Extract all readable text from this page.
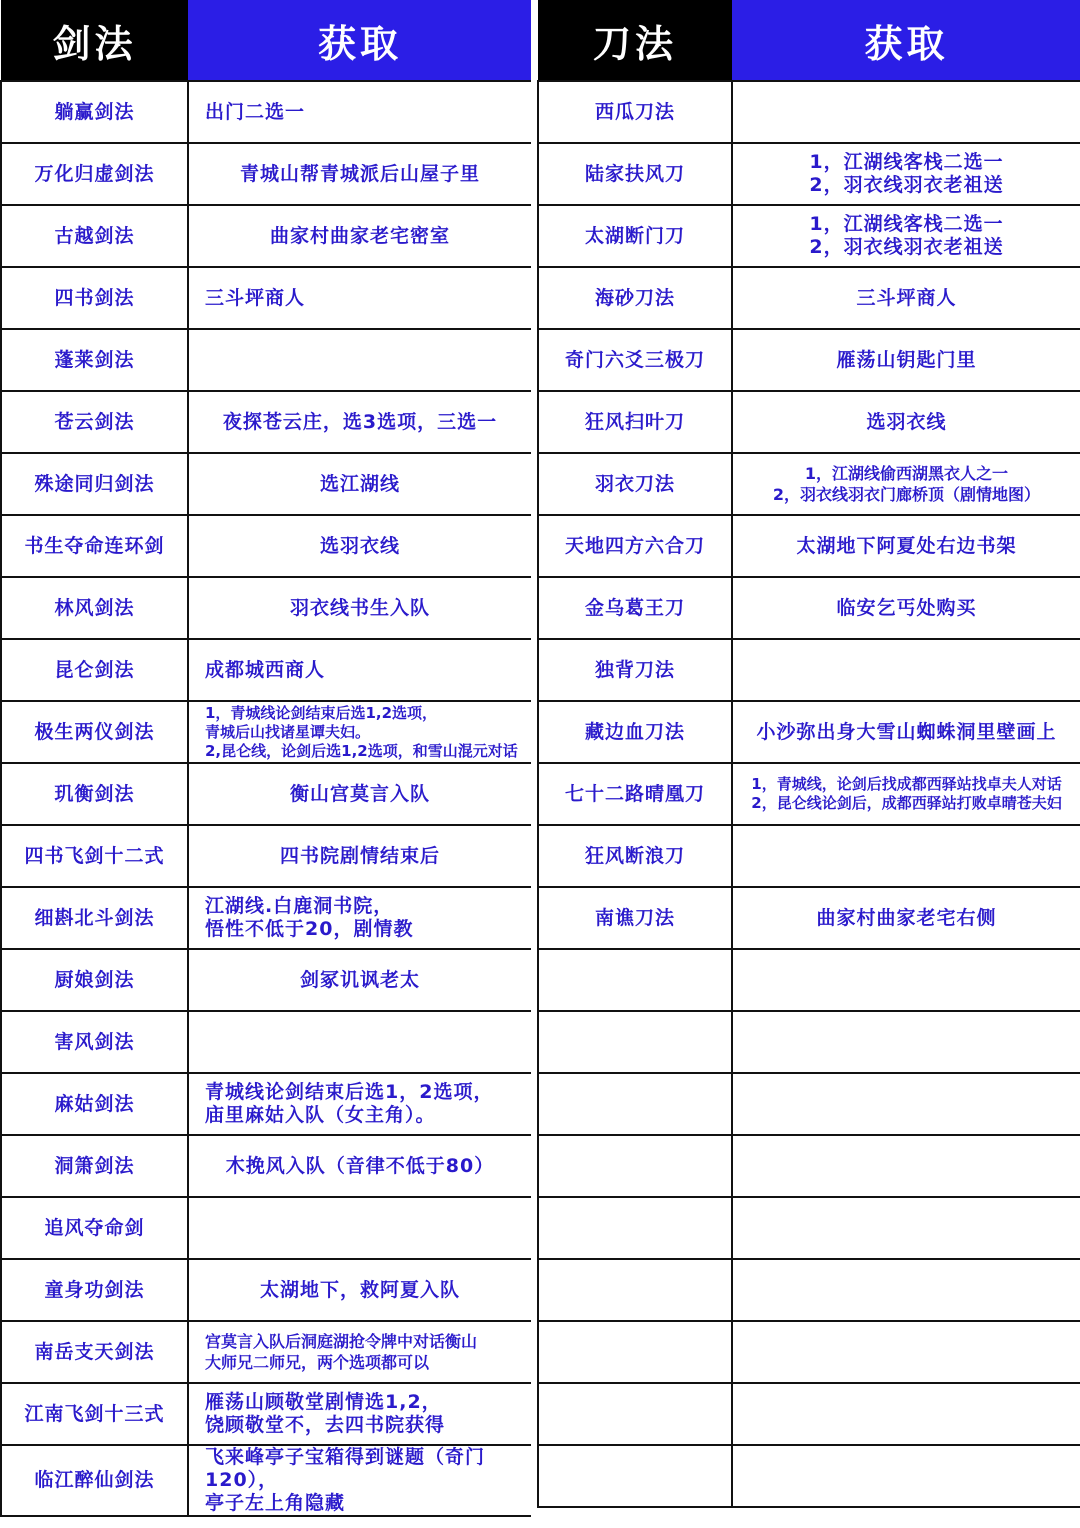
剑法	获取
躺赢剑法	出门二选一
万化归虚剑法	青城山帮青城派后山屋子里
古越剑法	曲家村曲家老宅密室
四书剑法	三斗坪商人
蓬莱剑法	
苍云剑法	夜探苍云庄，选3选项，三选一
殊途同归剑法	选江湖线
书生夺命连环剑	选羽衣线
林风剑法	羽衣线书生入队
昆仑剑法	成都城西商人
极生两仪剑法	1，青城线论剑结束后选1,2选项，
青城后山找诸星谭夫妇。
2,昆仑线，论剑后选1,2选项，和雪山混元对话
玑衡剑法	衡山宫莫言入队
四书飞剑十二式	四书院剧情结束后
细斟北斗剑法	江湖线.白鹿洞书院，
悟性不低于20，剧情教
厨娘剑法	剑冢讥讽老太
害风剑法	
麻姑剑法	青城线论剑结束后选1，2选项，
庙里麻姑入队（女主角）。
洞箫剑法	木挽风入队（音律不低于80）
追风夺命剑	
童身功剑法	太湖地下，救阿夏入队
南岳支天剑法	宫莫言入队后洞庭湖抢令牌中对话衡山
大师兄二师兄，两个选项都可以
江南飞剑十三式	雁荡山顾敬堂剧情选1,2，
饶顾敬堂不，去四书院获得
临江醉仙剑法	飞来峰亭子宝箱得到谜题（奇门120），
亭子左上角隐藏
刀法	获取
西瓜刀法	
陆家扶风刀	1，江湖线客栈二选一
2，羽衣线羽衣老祖送
太湖断门刀	1，江湖线客栈二选一
2，羽衣线羽衣老祖送
海砂刀法	三斗坪商人
奇门六爻三极刀	雁荡山钥匙门里
狂风扫叶刀	选羽衣线
羽衣刀法	1，江湖线偷西湖黑衣人之一
2，羽衣线羽衣门廊桥顶（剧情地图）
天地四方六合刀	太湖地下阿夏处右边书架
金乌葛王刀	临安乞丐处购买
独背刀法	
藏边血刀法	小沙弥出身大雪山蜘蛛洞里壁画上
七十二路晴凰刀	1，青城线，论剑后找成都西驿站找卓夫人对话
2，昆仑线论剑后，成都西驿站打败卓晴苍夫妇
狂风断浪刀	
南谯刀法	曲家村曲家老宅右侧
